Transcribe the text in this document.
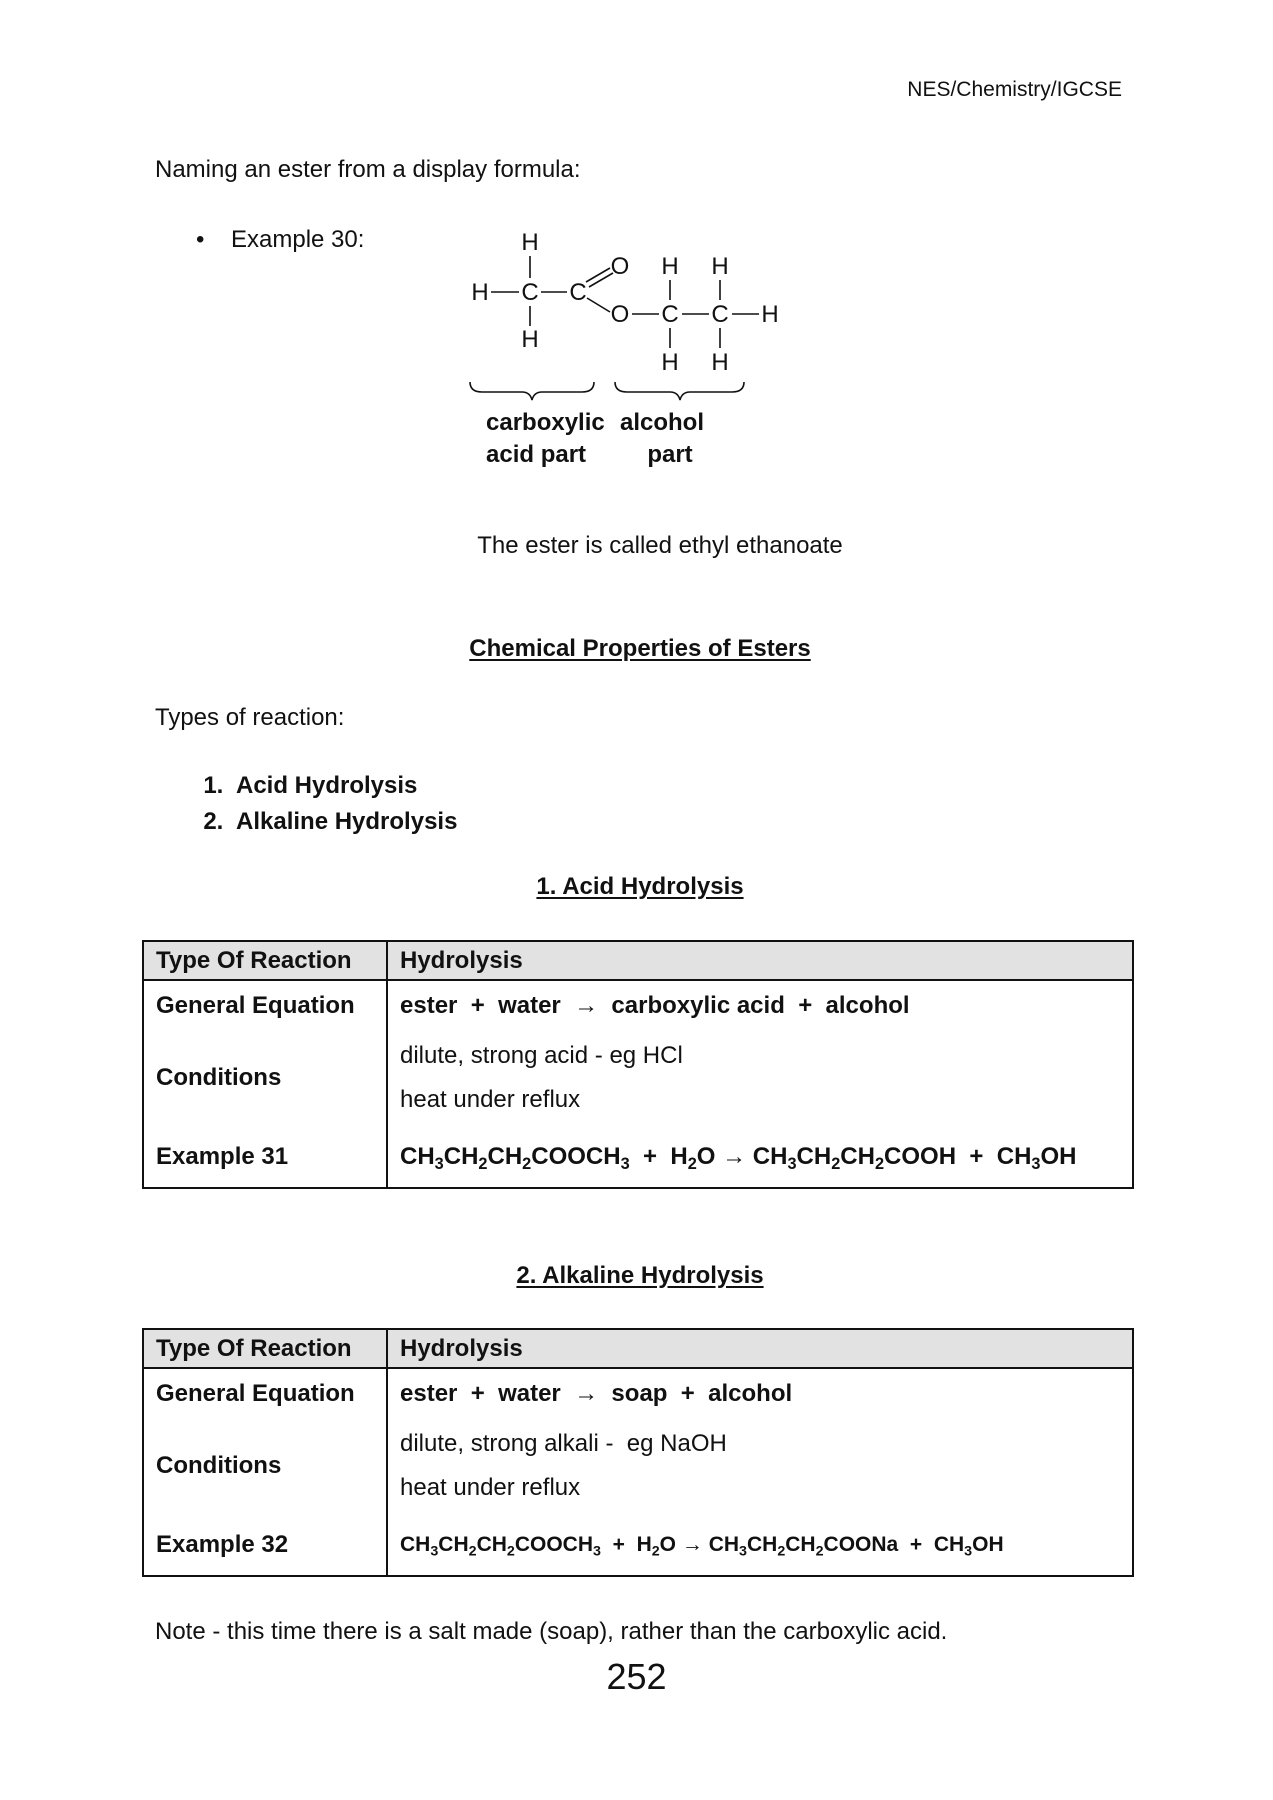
NES/Chemistry/IGCSE
Naming an ester from a display formula:
• Example 30:	H
H C
H
C
O
O
H
C
H
H
C
H
H
carboxylic
acid part
alcohol
part
The ester is called ethyl ethanoate
Chemical Properties of Esters
Types of reaction:
1. Acid Hydrolysis
2. Alkaline Hydrolysis
1. Acid Hydrolysis
Type Of Reaction	Hydrolysis
General Equation	ester  +  water  →  carboxylic acid  +  alcohol
Conditions	dilute, strong acid - eg HCl
heat under reflux

Example 31	$CH_3CH_2CH_2COOCH_3 + H_2O$ → $CH_3CH_2CH_2COOH + CH_3OH$
2. Alkaline Hydrolysis
Type Of Reaction	Hydrolysis
General Equation	ester  +  water  →  soap  +  alcohol
Conditions	dilute, strong alkali -  eg NaOH
heat under reflux

Example 32	$CH_3CH_2CH_2COOCH_3 + H_2O$ → $CH_3CH_2CH_2COONa + CH_3OH$
Note - this time there is a salt made (soap), rather than the carboxylic acid.
252
